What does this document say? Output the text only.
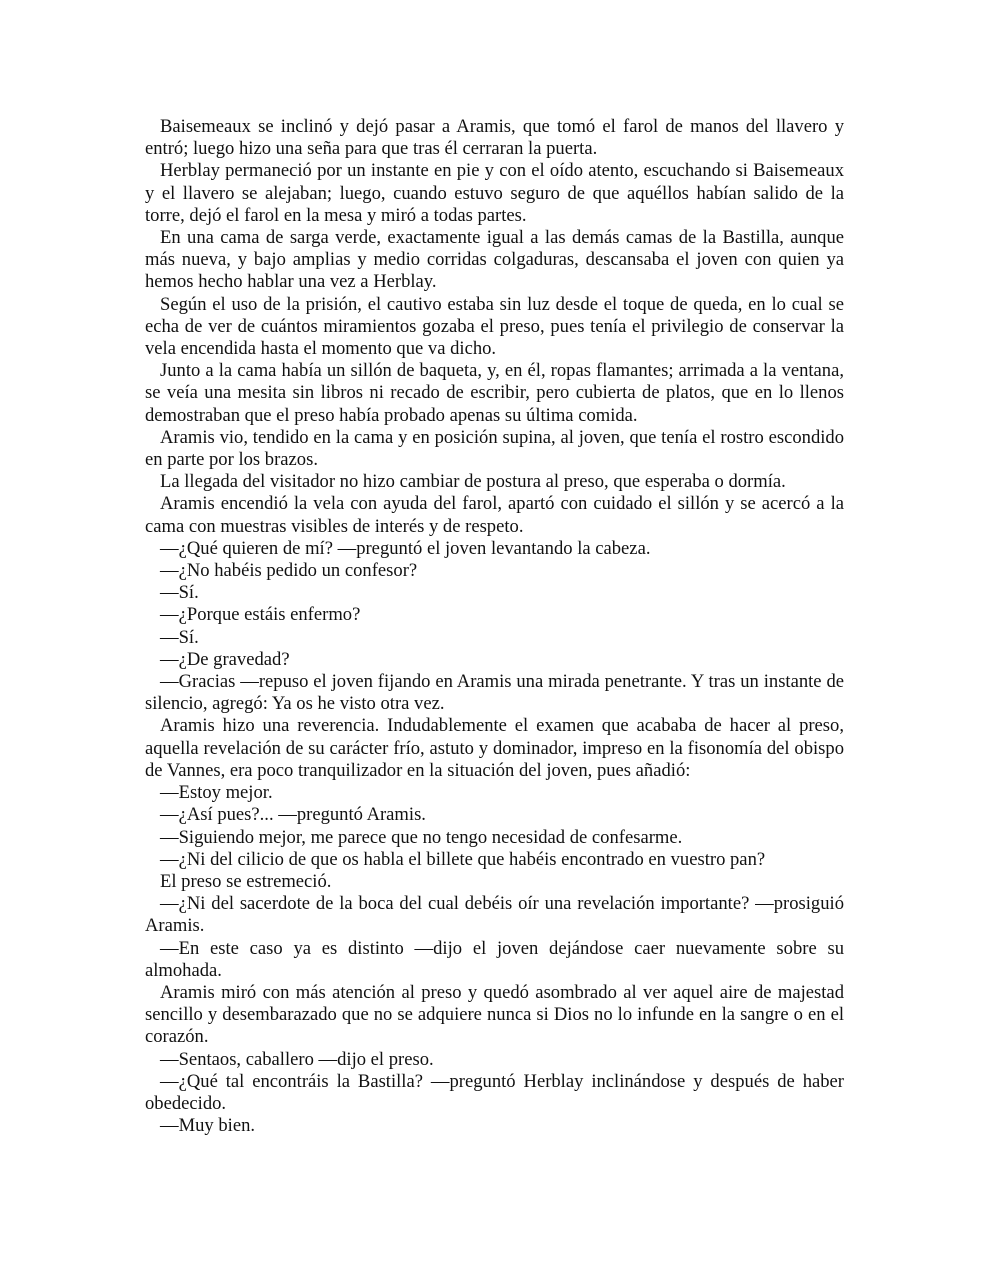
Baisemeaux se inclinó y dejó pasar a Aramis, que tomó el farol de manos del llavero y entró; luego hizo una seña para que tras él cerraran la puerta.

Herblay permaneció por un instante en pie y con el oído atento, escuchando si Baisemeaux y el llavero se alejaban; luego, cuando estuvo seguro de que aquéllos habían salido de la torre, dejó el farol en la mesa y miró a todas partes.

En una cama de sarga verde, exactamente igual a las demás camas de la Bastilla, aunque más nueva, y bajo amplias y medio corridas colgaduras, descansaba el joven con quien ya hemos hecho hablar una vez a Herblay.

Según el uso de la prisión, el cautivo estaba sin luz desde el toque de queda, en lo cual se echa de ver de cuántos miramientos gozaba el preso, pues tenía el privilegio de conservar la vela encendida hasta el momento que va dicho.

Junto a la cama había un sillón de baqueta, y, en él, ropas flamantes; arrimada a la ventana, se veía una mesita sin libros ni recado de escribir, pero cubierta de platos, que en lo llenos demostraban que el preso había probado apenas su última comida.

Aramis vio, tendido en la cama y en posición supina, al joven, que tenía el rostro escondido en parte por los brazos.

La llegada del visitador no hizo cambiar de postura al preso, que esperaba o dormía.

Aramis encendió la vela con ayuda del farol, apartó con cuidado el sillón y se acercó a la cama con muestras visibles de interés y de respeto.

—¿Qué quieren de mí? —preguntó el joven levantando la cabeza.

—¿No habéis pedido un confesor?

—Sí.

—¿Porque estáis enfermo?

—Sí.

—¿De gravedad?

—Gracias —repuso el joven fijando en Aramis una mirada penetrante. Y tras un instante de silencio, agregó: Ya os he visto otra vez.

Aramis hizo una reverencia. Indudablemente el examen que acababa de hacer al preso, aquella revelación de su carácter frío, astuto y dominador, impreso en la fisonomía del obispo de Vannes, era poco tranquilizador en la situación del joven, pues añadió:

—Estoy mejor.

—¿Así pues?... —preguntó Aramis.

—Siguiendo mejor, me parece que no tengo necesidad de confesarme.

—¿Ni del cilicio de que os habla el billete que habéis encontrado en vuestro pan?

El preso se estremeció.

—¿Ni del sacerdote de la boca del cual debéis oír una revelación importante? —prosiguió Aramis.

—En este caso ya es distinto —dijo el joven dejándose caer nuevamente sobre su almohada.

Aramis miró con más atención al preso y quedó asombrado al ver aquel aire de majestad sencillo y desembarazado que no se adquiere nunca si Dios no lo infunde en la sangre o en el corazón.

—Sentaos, caballero —dijo el preso.

—¿Qué tal encontráis la Bastilla? —preguntó Herblay inclinándose y después de haber obedecido.

—Muy bien.
